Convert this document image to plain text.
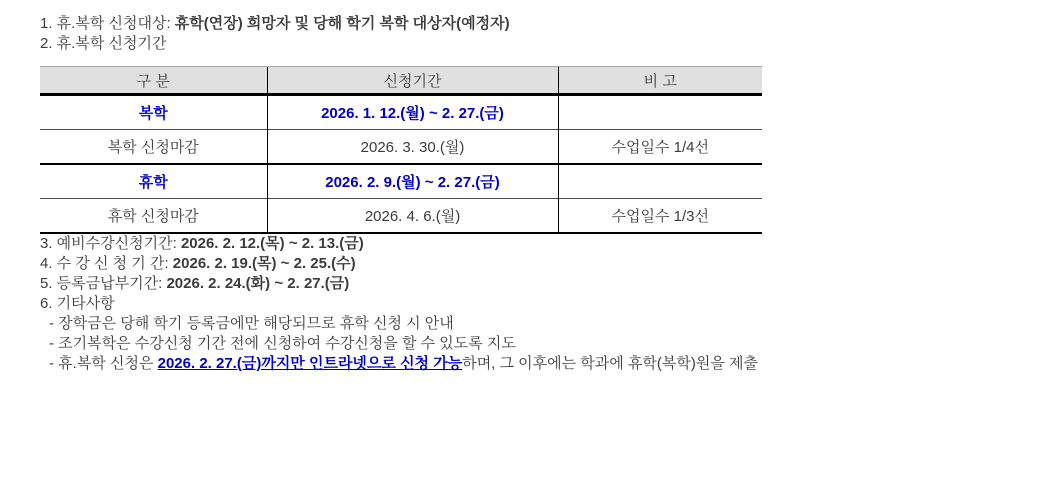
1. 휴.복학 신청대상: 휴학(연장) 희망자 및 당해 학기 복학 대상자(예정자)

2. 휴.복학 신청기간

구 분	신청기간	비 고
복학	2026. 1. 12.(월) ~ 2. 27.(금)	
복학 신청마감	2026. 3. 30.(월)	수업일수 1/4선
휴학	2026. 2. 9.(월) ~ 2. 27.(금)	
휴학 신청마감	2026. 4. 6.(월)	수업일수 1/3선

3. 예비수강신청기간: 2026. 2. 12.(목) ~ 2. 13.(금)

4. 수 강 신 청 기 간: 2026. 2. 19.(목) ~ 2. 25.(수)

5. 등록금납부기간: 2026. 2. 24.(화) ~ 2. 27.(금)

6. 기타사항

- 장학금은 당해 학기 등록금에만 해당되므로 휴학 신청 시 안내

- 조기복학은 수강신청 기간 전에 신청하여 수강신청을 할 수 있도록 지도

- 휴.복학 신청은 2026. 2. 27.(금)까지만 인트라넷으로 신청 가능하며, 그 이후에는 학과에 휴학(복학)원을 제출
